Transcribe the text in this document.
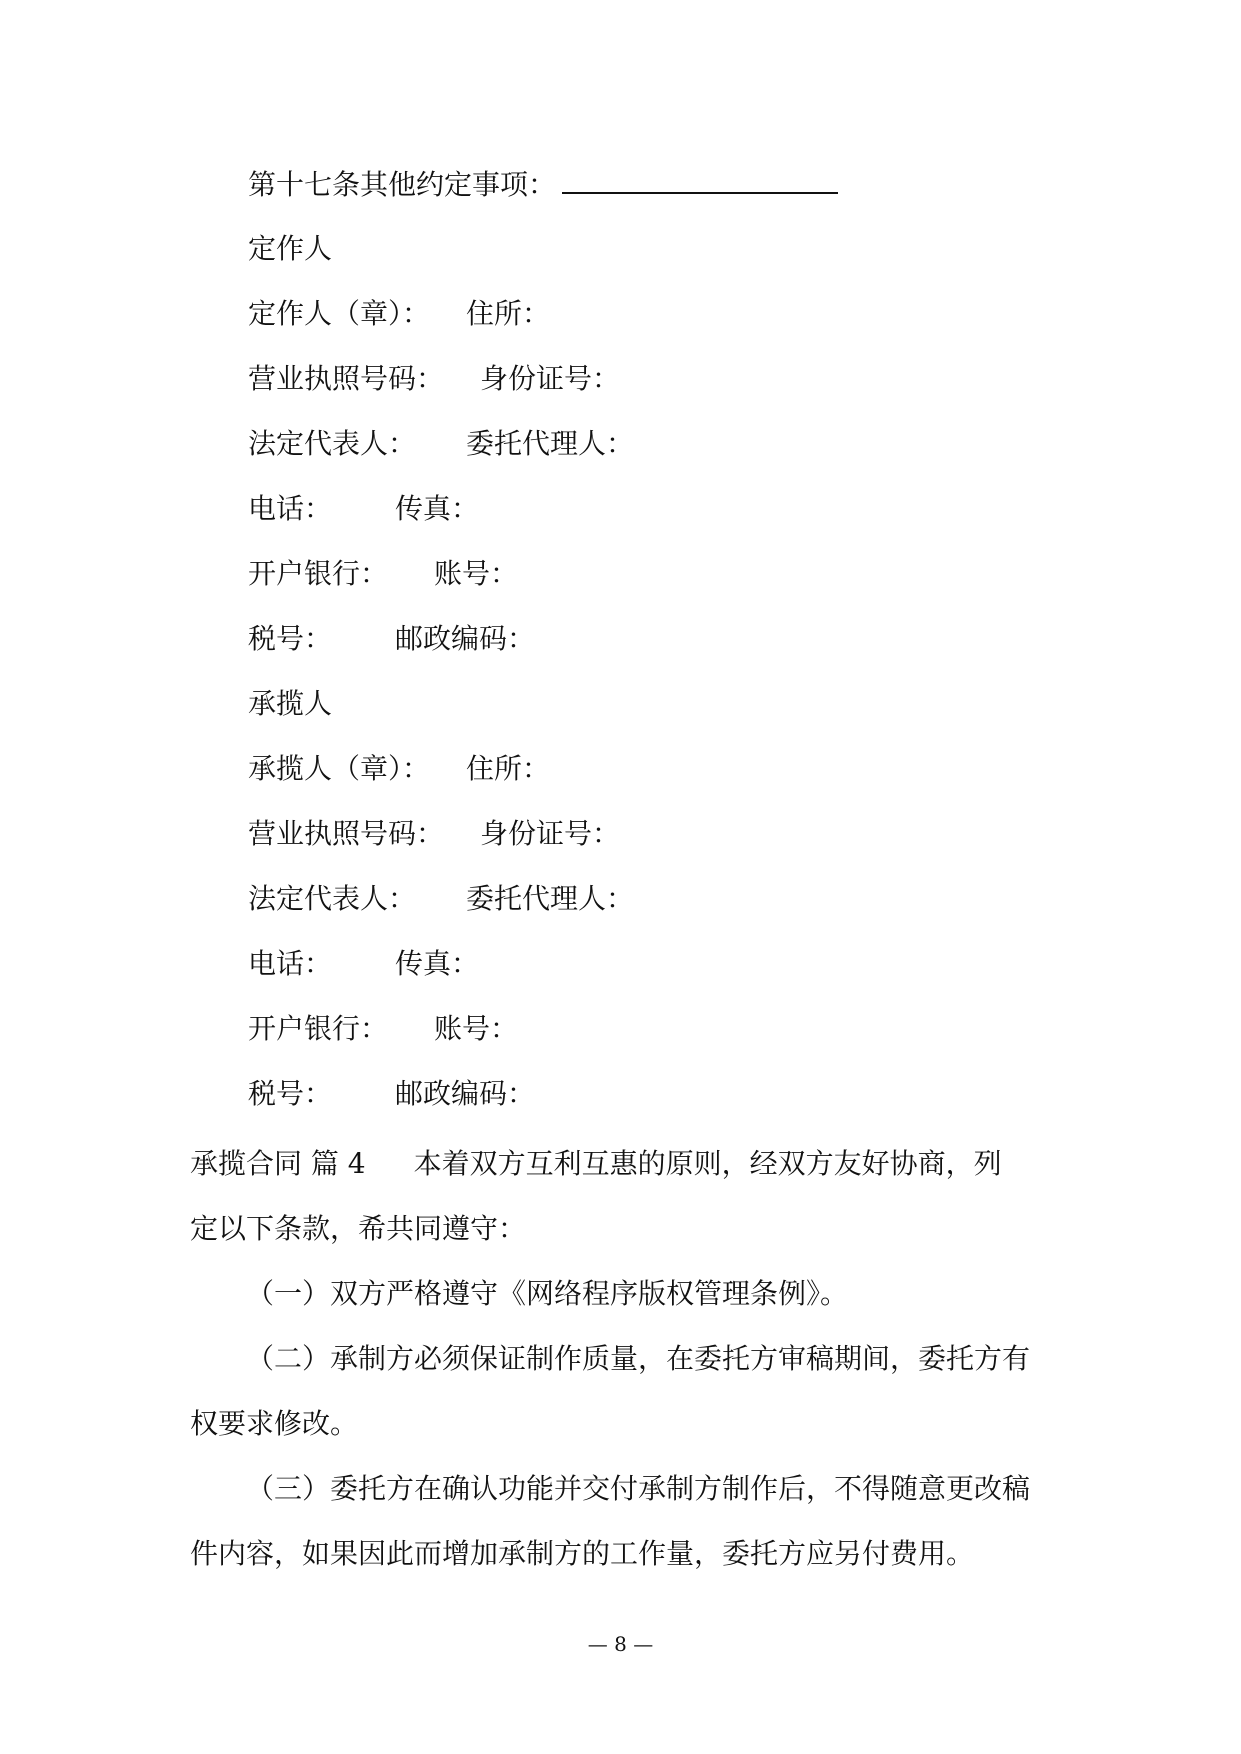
第十七条其他约定事项：
定作人
定作人（章）： 住所：
营业执照号码： 身份证号：
法定代表人： 委托代理人：
电话： 传真：
开户银行： 账号：
税号： 邮政编码：
承揽人
承揽人（章）： 住所：
营业执照号码： 身份证号：
法定代表人： 委托代理人：
电话： 传真：
开户银行： 账号：
税号： 邮政编码：
承揽合同 篇 4 本着双方互利互惠的原则，经双方友好协商，列
定以下条款，希共同遵守：
（一）双方严格遵守《网络程序版权管理条例》。
（二）承制方必须保证制作质量，在委托方审稿期间，委托方有
权要求修改。
（三）委托方在确认功能并交付承制方制作后，不得随意更改稿
件内容，如果因此而增加承制方的工作量，委托方应另付费用。
— 8 —
